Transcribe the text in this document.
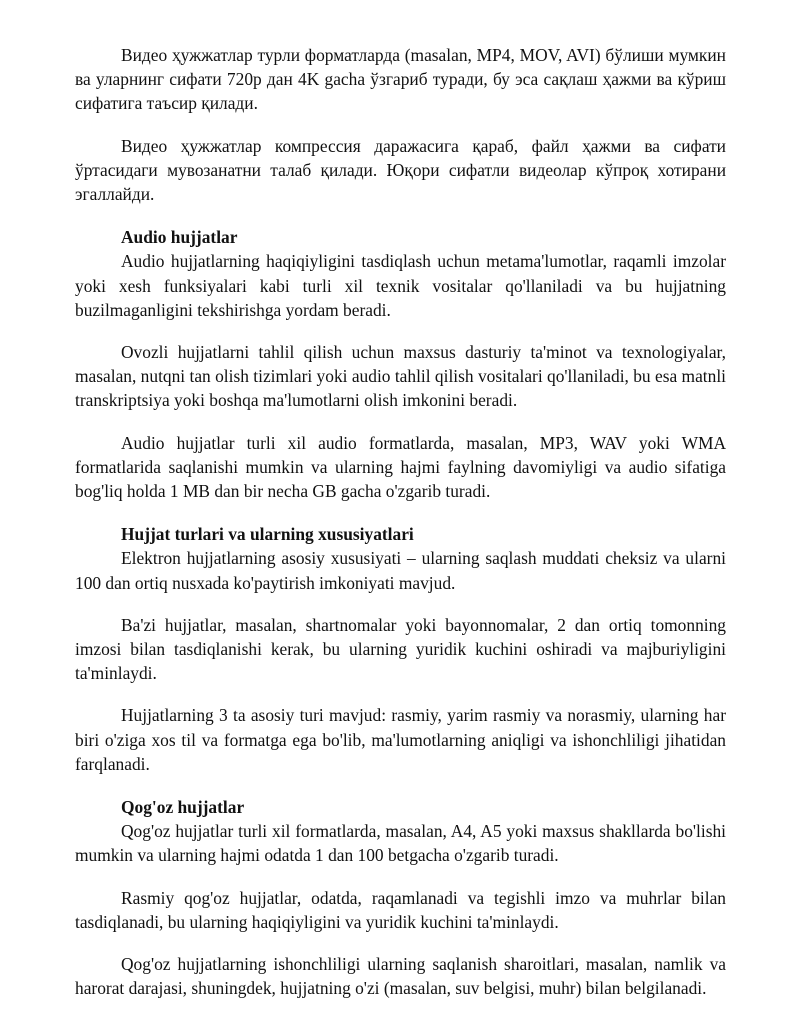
Видео ҳужжатлар турли форматларда (masalan, MP4, MOV, AVI) бўлиши мумкин ва уларнинг сифати 720p дан 4K gacha ўзгариб туради, бу эса сақлаш ҳажми ва кўриш сифатига таъсир қилади.

Видео ҳужжатлар компрессия даражасига қараб, файл ҳажми ва сифати ўртасидаги мувозанатни талаб қилади. Юқори сифатли видеолар кўпроқ хотирани эгаллайди.

Audio hujjatlar

Audio hujjatlarning haqiqiyligini tasdiqlash uchun metama'lumotlar, raqamli imzolar yoki xesh funksiyalari kabi turli xil texnik vositalar qo'llaniladi va bu hujjatning buzilmaganligini tekshirishga yordam beradi.

Ovozli hujjatlarni tahlil qilish uchun maxsus dasturiy ta'minot va texnologiyalar, masalan, nutqni tan olish tizimlari yoki audio tahlil qilish vositalari qo'llaniladi, bu esa matnli transkriptsiya yoki boshqa ma'lumotlarni olish imkonini beradi.

Audio hujjatlar turli xil audio formatlarda, masalan, MP3, WAV yoki WMA formatlarida saqlanishi mumkin va ularning hajmi faylning davomiyligi va audio sifatiga bog'liq holda 1 MB dan bir necha GB gacha o'zgarib turadi.

Hujjat turlari va ularning xususiyatlari

Elektron hujjatlarning asosiy xususiyati – ularning saqlash muddati cheksiz va ularni 100 dan ortiq nusxada ko'paytirish imkoniyati mavjud.

Ba'zi hujjatlar, masalan, shartnomalar yoki bayonnomalar, 2 dan ortiq tomonning imzosi bilan tasdiqlanishi kerak, bu ularning yuridik kuchini oshiradi va majburiyligini ta'minlaydi.

Hujjatlarning 3 ta asosiy turi mavjud: rasmiy, yarim rasmiy va norasmiy, ularning har biri o'ziga xos til va formatga ega bo'lib, ma'lumotlarning aniqligi va ishonchliligi jihatidan farqlanadi.

Qog'oz hujjatlar

Qog'oz hujjatlar turli xil formatlarda, masalan, A4, A5 yoki maxsus shakllarda bo'lishi mumkin va ularning hajmi odatda 1 dan 100 betgacha o'zgarib turadi.

Rasmiy qog'oz hujjatlar, odatda, raqamlanadi va tegishli imzo va muhrlar bilan tasdiqlanadi, bu ularning haqiqiyligini va yuridik kuchini ta'minlaydi.

Qog'oz hujjatlarning ishonchliligi ularning saqlanish sharoitlari, masalan, namlik va harorat darajasi, shuningdek, hujjatning o'zi (masalan, suv belgisi, muhr) bilan belgilanadi.
